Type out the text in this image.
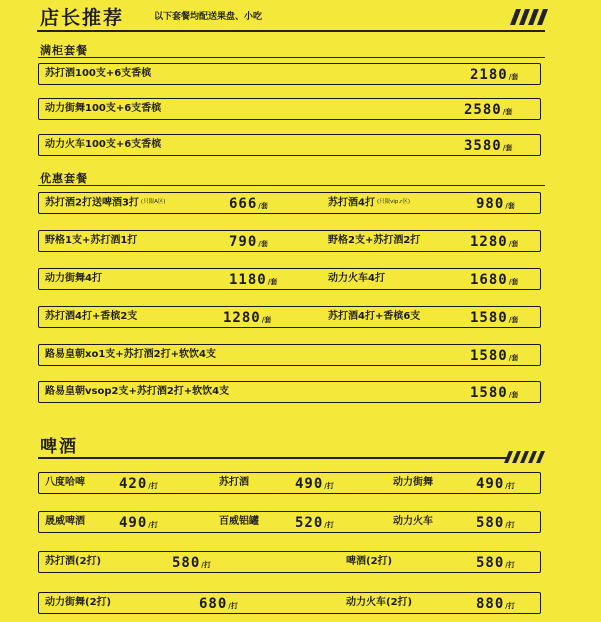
店长推荐	以下套餐均配送果盘、小吃
满柜套餐
苏打酒100支+6支香槟	2180/套
动力街舞100支+6支香槟	2580/套
动力火车100支+6支香槟	3580/套
优惠套餐
苏打酒2打送啤酒3打 (只限A区)	666/套	苏打酒4打 (只限vip.r区)	980/套
野格1支+苏打酒1打	790/套	野格2支+苏打酒2打	1280/套
动力街舞4打	1180/套	动力火车4打	1680/套
苏打酒4打+香槟2支	1280/套	苏打酒4打+香槟6支	1580/套
路易皇朝xo1支+苏打酒2打+软饮4支	1580/套
路易皇朝vsop2支+苏打酒2打+软饮4支	1580/套
啤酒
八度哈啤 420/打	苏打酒	490/打	动力街舞	490/打
晟威啤酒 490/打	百威铝罐	520/打	动力火车	580/打
苏打酒(2打)	580/打	啤酒(2打)	580/打
动力街舞(2打)	680/打	动力火车(2打)	880/打
